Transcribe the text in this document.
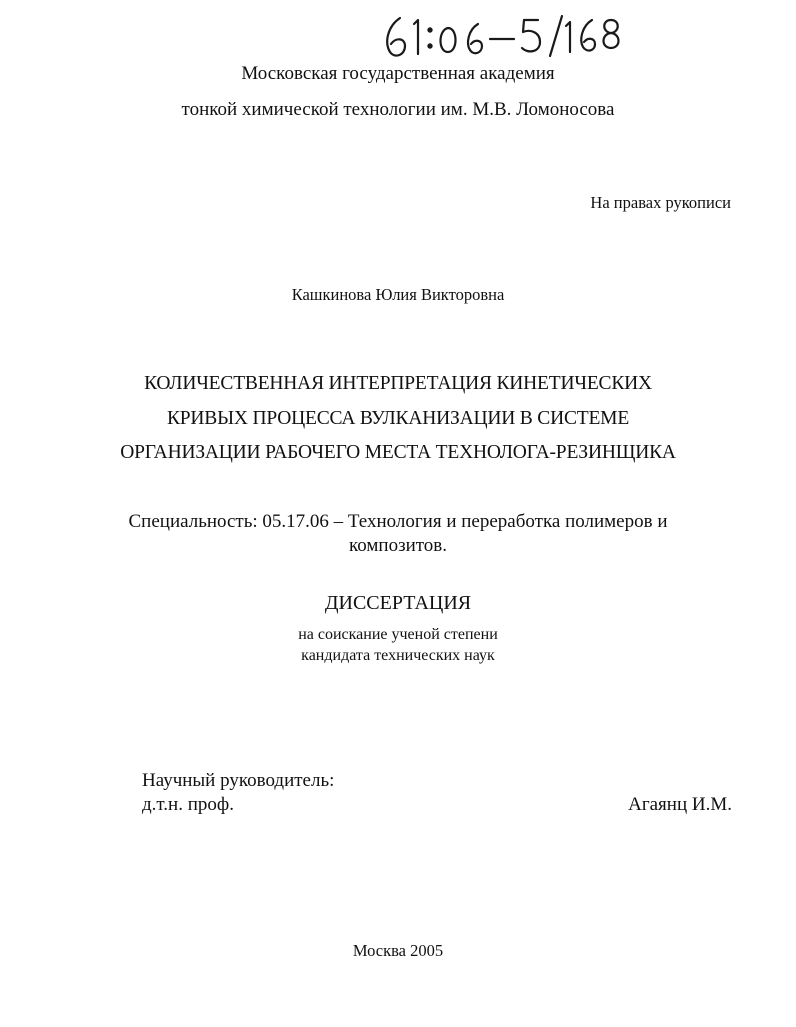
Московская государственная академия
тонкой химической технологии им. М.В. Ломоносова
На правах рукописи
Кашкинова Юлия Викторовна
КОЛИЧЕСТВЕННАЯ ИНТЕРПРЕТАЦИЯ КИНЕТИЧЕСКИХ
КРИВЫХ ПРОЦЕССА ВУЛКАНИЗАЦИИ В СИСТЕМЕ
ОРГАНИЗАЦИИ РАБОЧЕГО МЕСТА ТЕХНОЛОГА-РЕЗИНЩИКА
Специальность: 05.17.06 – Технология и переработка полимеров и
композитов.
ДИССЕРТАЦИЯ
на соискание ученой степени
кандидата технических наук
Научный руководитель:
д.т.н. проф.	Агаянц И.М.
Москва 2005
